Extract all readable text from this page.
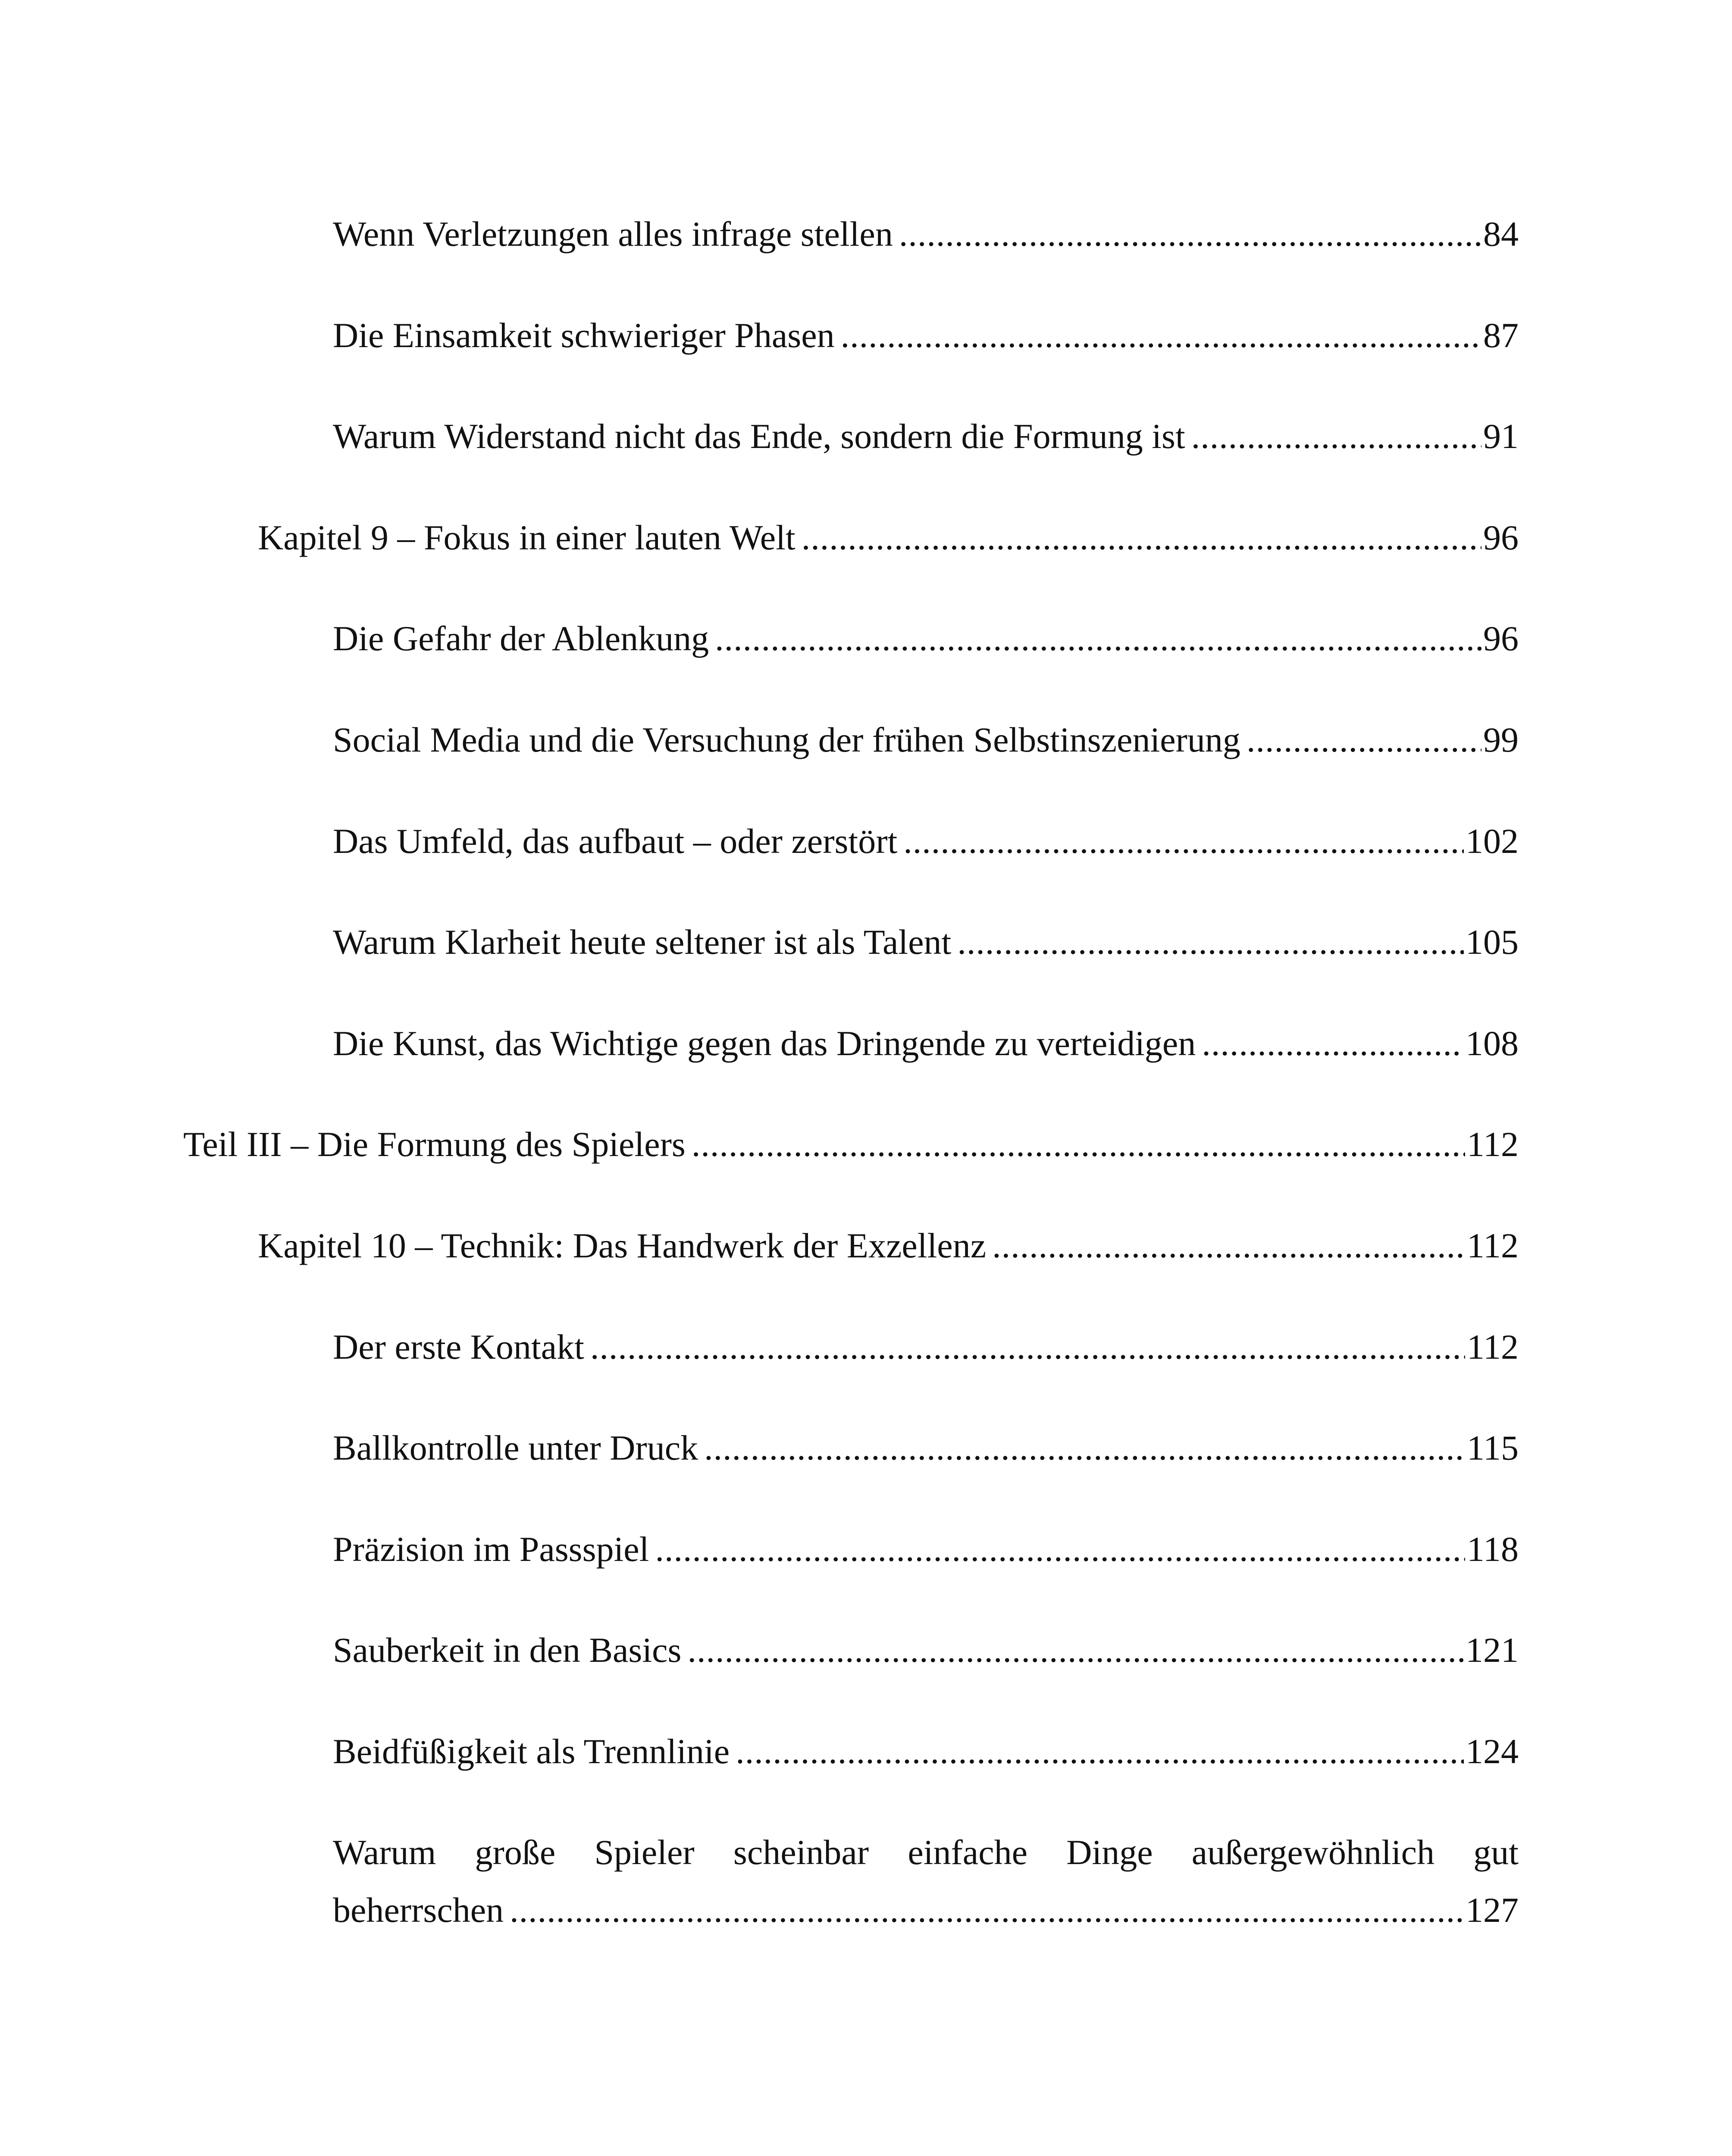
Wenn Verletzungen alles infrage stellen .....	84
Die Einsamkeit schwieriger Phasen .....	87
Warum Widerstand nicht das Ende, sondern die Formung ist .....	91
Kapitel 9 – Fokus in einer lauten Welt .....	96
Die Gefahr der Ablenkung .....	96
Social Media und die Versuchung der frühen Selbstinszenierung .....	99
Das Umfeld, das aufbaut – oder zerstört .....	102
Warum Klarheit heute seltener ist als Talent .....	105
Die Kunst, das Wichtige gegen das Dringende zu verteidigen .....	108
Teil III – Die Formung des Spielers .....	112
Kapitel 10 – Technik: Das Handwerk der Exzellenz .....	112
Der erste Kontakt .....	112
Ballkontrolle unter Druck .....	115
Präzision im Passspiel .....	118
Sauberkeit in den Basics .....	121
Beidfüßigkeit als Trennlinie .....	124
Warum große Spieler scheinbar einfache Dinge außergewöhnlich gut
beherrschen .....	127
